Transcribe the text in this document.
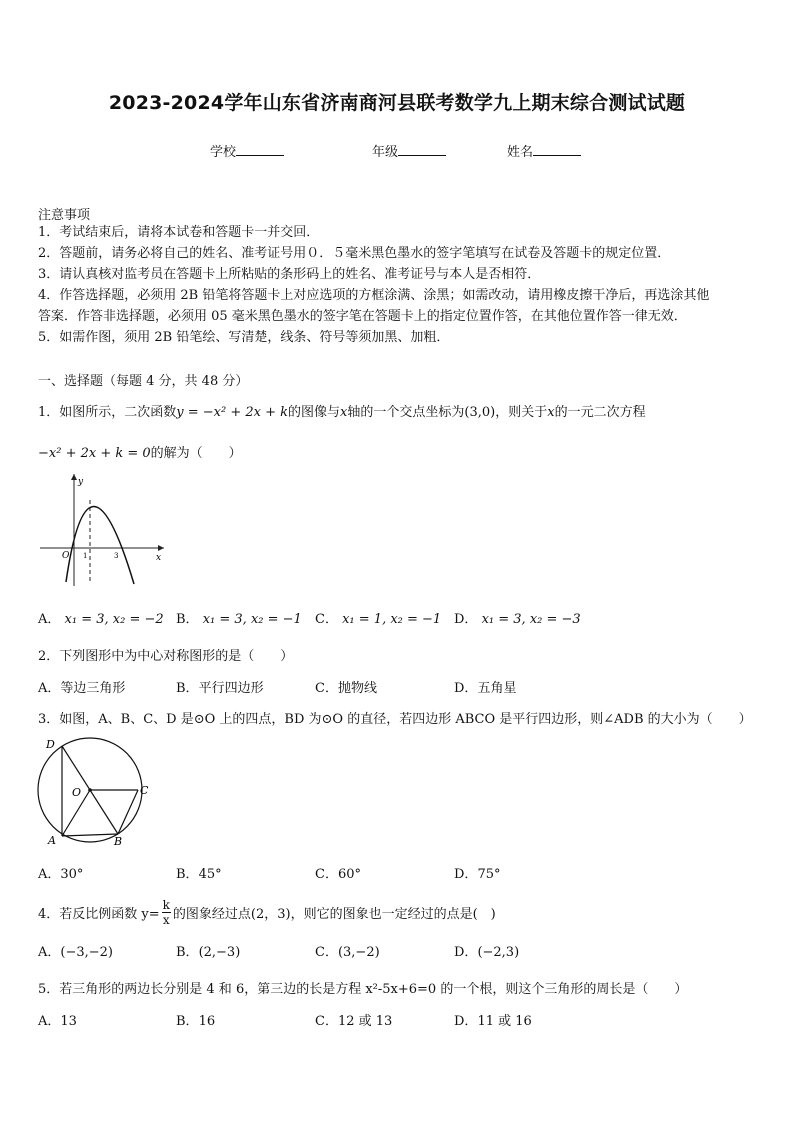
2023-2024学年山东省济南商河县联考数学九上期末综合测试试题
学校	年级	姓名
注意事项
1．考试结束后，请将本试卷和答题卡一并交回．
2．答题前，请务必将自己的姓名、准考证号用０．５毫米黑色墨水的签字笔填写在试卷及答题卡的规定位置．
3．请认真核对监考员在答题卡上所粘贴的条形码上的姓名、准考证号与本人是否相符．
4．作答选择题，必须用 2B 铅笔将答题卡上对应选项的方框涂满、涂黑；如需改动，请用橡皮擦干净后，再选涂其他
答案．作答非选择题，必须用 05 毫米黑色墨水的签字笔在答题卡上的指定位置作答，在其他位置作答一律无效．
5．如需作图，须用 2B 铅笔绘、写清楚，线条、符号等须加黑、加粗．
一、选择题（每题 4 分，共 48 分）
1．如图所示，二次函数y = −x² + 2x + k的图像与x轴的一个交点坐标为(3,0)，则关于x的一元二次方程
−x² + 2x + k = 0的解为（　　）
y
x
O 1	3
A． x₁ = 3, x₂ = −2 B． x₁ = 3, x₂ = −1 C． x₁ = 1, x₂ = −1 D． x₁ = 3, x₂ = −3
2．下列图形中为中心对称图形的是（　　）
A．等边三角形	B．平行四边形	C．抛物线	D．五角星
3．如图，A、B、C、D 是⊙O 上的四点，BD 为⊙O 的直径，若四边形 ABCO 是平行四边形，则∠ADB 的大小为（　　）
D
O	C
A	B
A．30°	B．45°	C．60°	D．75°
4．若反比例函数 $y= \frac{k}{x}$ 的图象经过点(2，3)，则它的图象也一定经过的点是(　)
A．(−3,−2)	B．(2,−3)	C．(3,−2)	D．(−2,3)
5．若三角形的两边长分别是 4 和 6，第三边的长是方程 x²-5x+6=0 的一个根，则这个三角形的周长是（　　）
A．13	B．16	C．12 或 13	D．11 或 16
